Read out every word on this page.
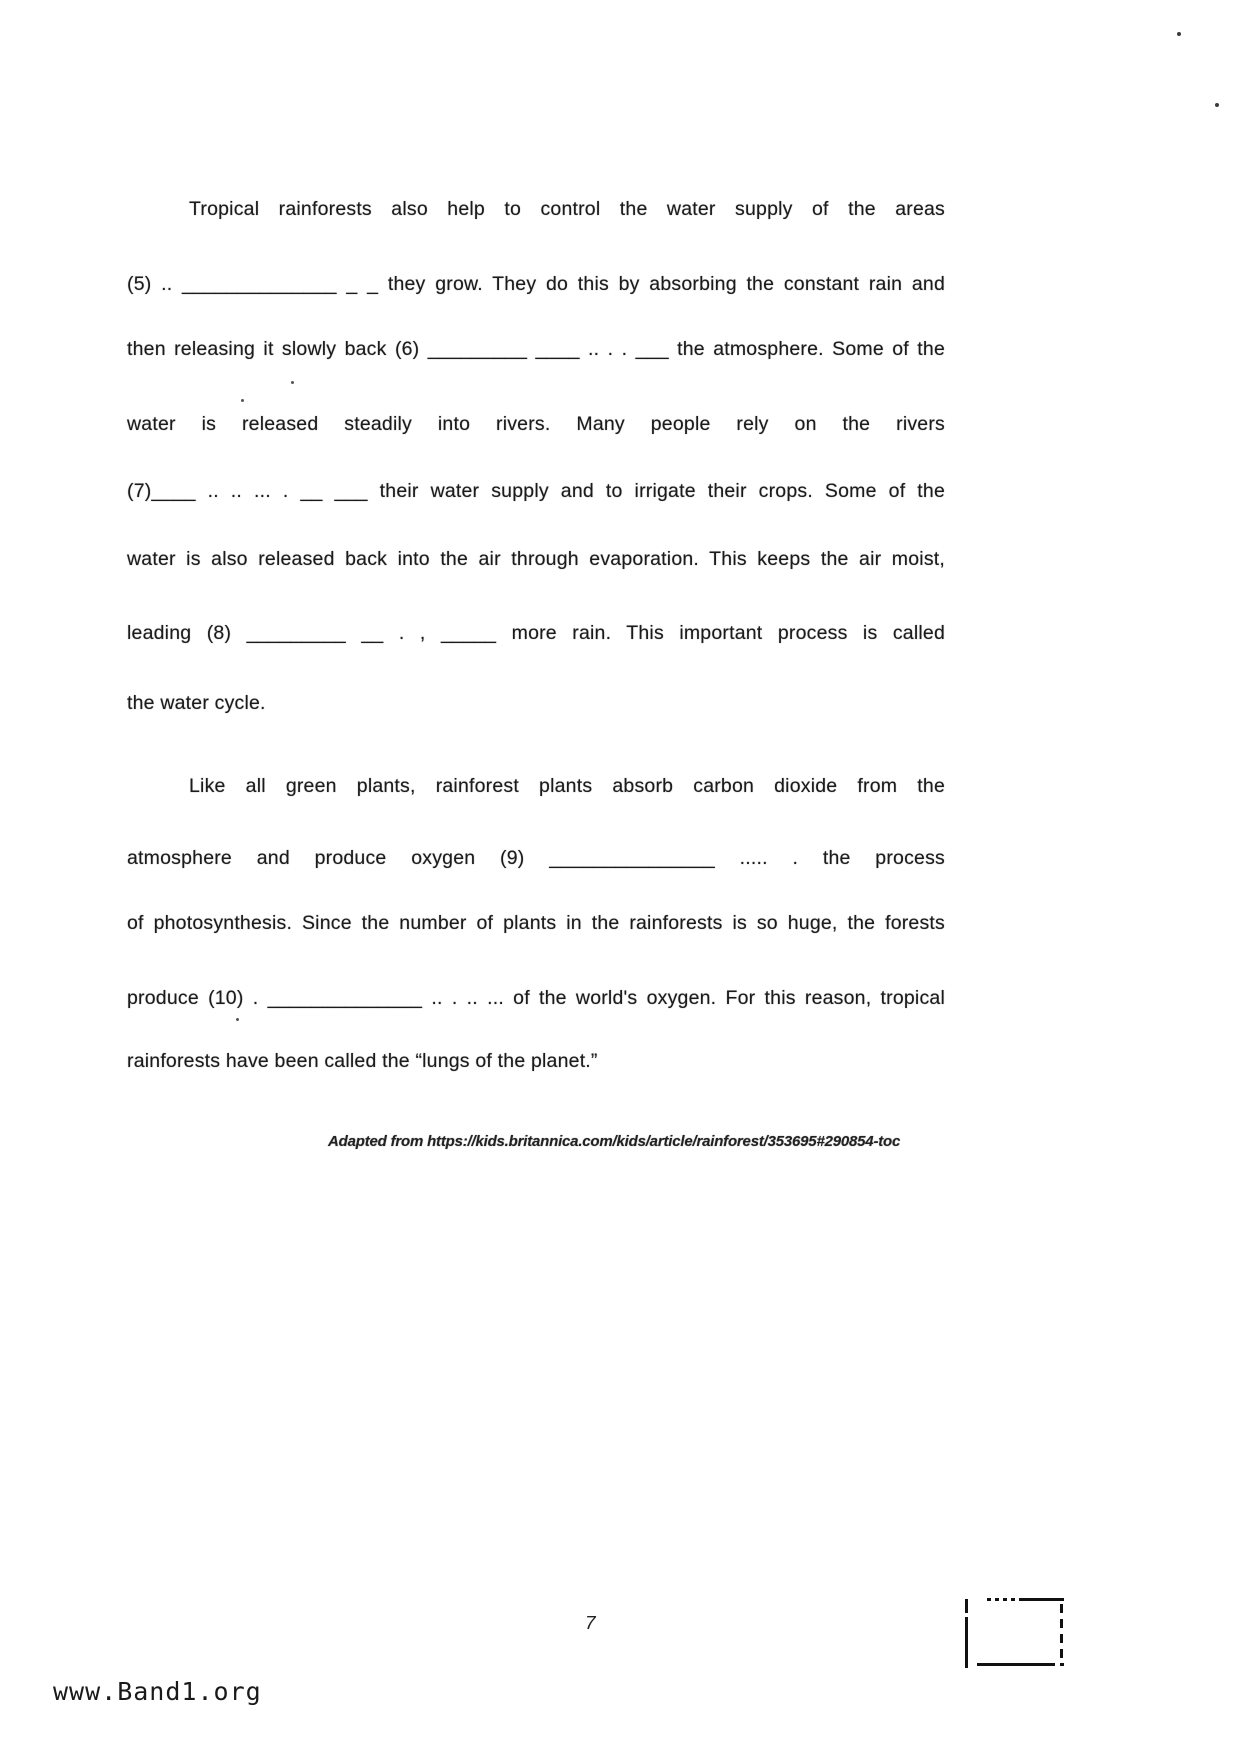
Tropical rainforests also help to control the water supply of the areas
(5) .. ______________ _ _ they grow. They do this by absorbing the constant rain and
then releasing it slowly back (6) _________ ____ .. . . ___ the atmosphere. Some of the
water is released steadily into rivers. Many people rely on the rivers
(7)____ .. .. ... . __ ___ their water supply and to irrigate their crops. Some of the
water is also released back into the air through evaporation. This keeps the air moist,
leading (8) _________ __ . , _____ more rain. This important process is called
the water cycle.
Like all green plants, rainforest plants absorb carbon dioxide from the
atmosphere and produce oxygen (9) _______________ ..... . the process
of photosynthesis. Since the number of plants in the rainforests is so huge, the forests
produce (10) . ______________ .. . .. ... of the world's oxygen. For this reason, tropical
rainforests have been called the “lungs of the planet.”
Adapted from https://kids.britannica.com/kids/article/rainforest/353695#290854-toc
7
www.Band1.org
